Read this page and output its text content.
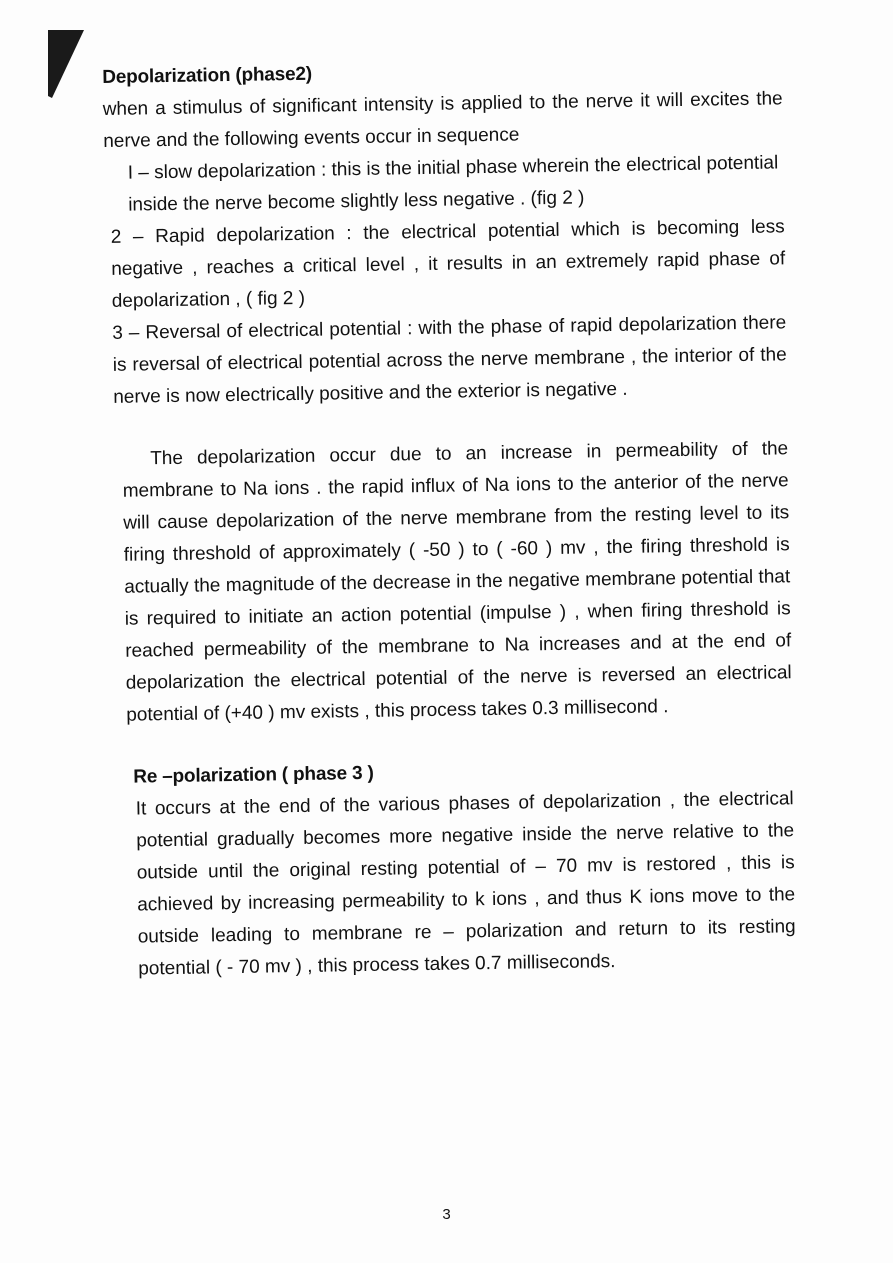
Depolarization (phase2)

when a stimulus of significant intensity is applied to the nerve it will excites the nerve and the following events occur in sequence

I – slow depolarization : this is the initial phase wherein the electrical potential inside the nerve become slightly less negative . (fig 2 )

2 – Rapid depolarization : the electrical potential which is becoming less negative , reaches a critical level , it results in an extremely rapid phase of depolarization , ( fig 2 )

3 – Reversal of electrical potential : with the phase of rapid depolarization there is reversal of electrical potential across the nerve membrane , the interior of the nerve is now electrically positive and the exterior is negative .

The depolarization occur due to an increase in permeability of the membrane to Na ions . the rapid influx of Na ions to the anterior of the nerve will cause depolarization of the nerve membrane from the resting level to its firing threshold of approximately ( -50 ) to ( -60 ) mv , the firing threshold is actually the magnitude of the decrease in the negative membrane potential that is required to initiate an action potential (impulse ) , when firing threshold is reached permeability of the membrane to Na increases and at the end of depolarization the electrical potential of the nerve is reversed an electrical potential of (+40 ) mv exists , this process takes 0.3 millisecond .

Re –polarization ( phase 3 )

It occurs at the end of the various phases of depolarization , the electrical potential gradually becomes more negative inside the nerve relative to the outside until the original resting potential of – 70 mv is restored , this is achieved by increasing permeability to k ions , and thus K ions move to the outside leading to membrane re – polarization and return to its resting potential ( - 70 mv ) , this process takes 0.7 milliseconds.

3
